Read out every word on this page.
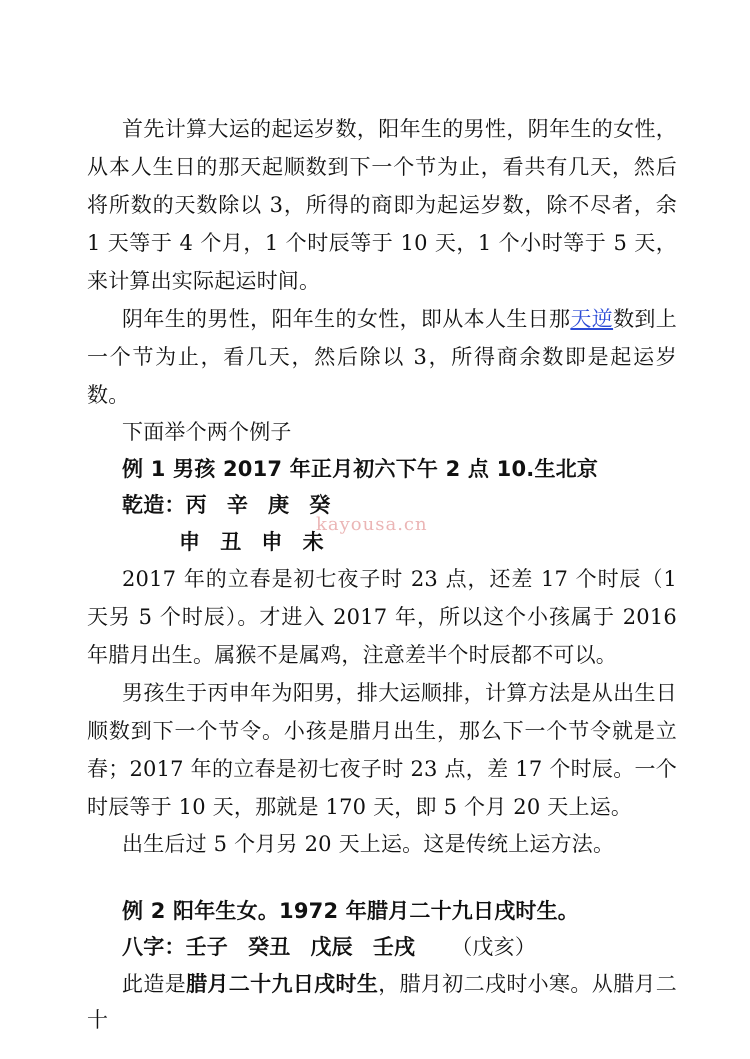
首先计算大运的起运岁数，阳年生的男性，阴年生的女性，从本人生日的那天起顺数到下一个节为止，看共有几天，然后将所数的天数除以 3，所得的商即为起运岁数，除不尽者，余 1 天等于 4 个月，1 个时辰等于 10 天，1 个小时等于 5 天，来计算出实际起运时间。

阴年生的男性，阳年生的女性，即从本人生日那天逆数到上一个节为止，看几天，然后除以 3，所得商余数即是起运岁数。

下面举个两个例子

例 1 男孩 2017 年正月初六下午 2 点 10.生北京

乾造：丙 辛 庚 癸

申 丑 申 未

2017 年的立春是初七夜子时 23 点，还差 17 个时辰（1 天另 5 个时辰）。才进入 2017 年，所以这个小孩属于 2016 年腊月出生。属猴不是属鸡，注意差半个时辰都不可以。

男孩生于丙申年为阳男，排大运顺排，计算方法是从出生日顺数到下一个节令。小孩是腊月出生，那么下一个节令就是立春；2017 年的立春是初七夜子时 23 点，差 17 个时辰。一个时辰等于 10 天，那就是 170 天，即 5 个月 20 天上运。

出生后过 5 个月另 20 天上运。这是传统上运方法。

例 2 阳年生女。1972 年腊月二十九日戌时生。

八字：壬子 癸丑 戊辰 壬戌 （戊亥）

此造是腊月二十九日戌时生，腊月初二戌时小寒。从腊月二十

kayousa.cn
